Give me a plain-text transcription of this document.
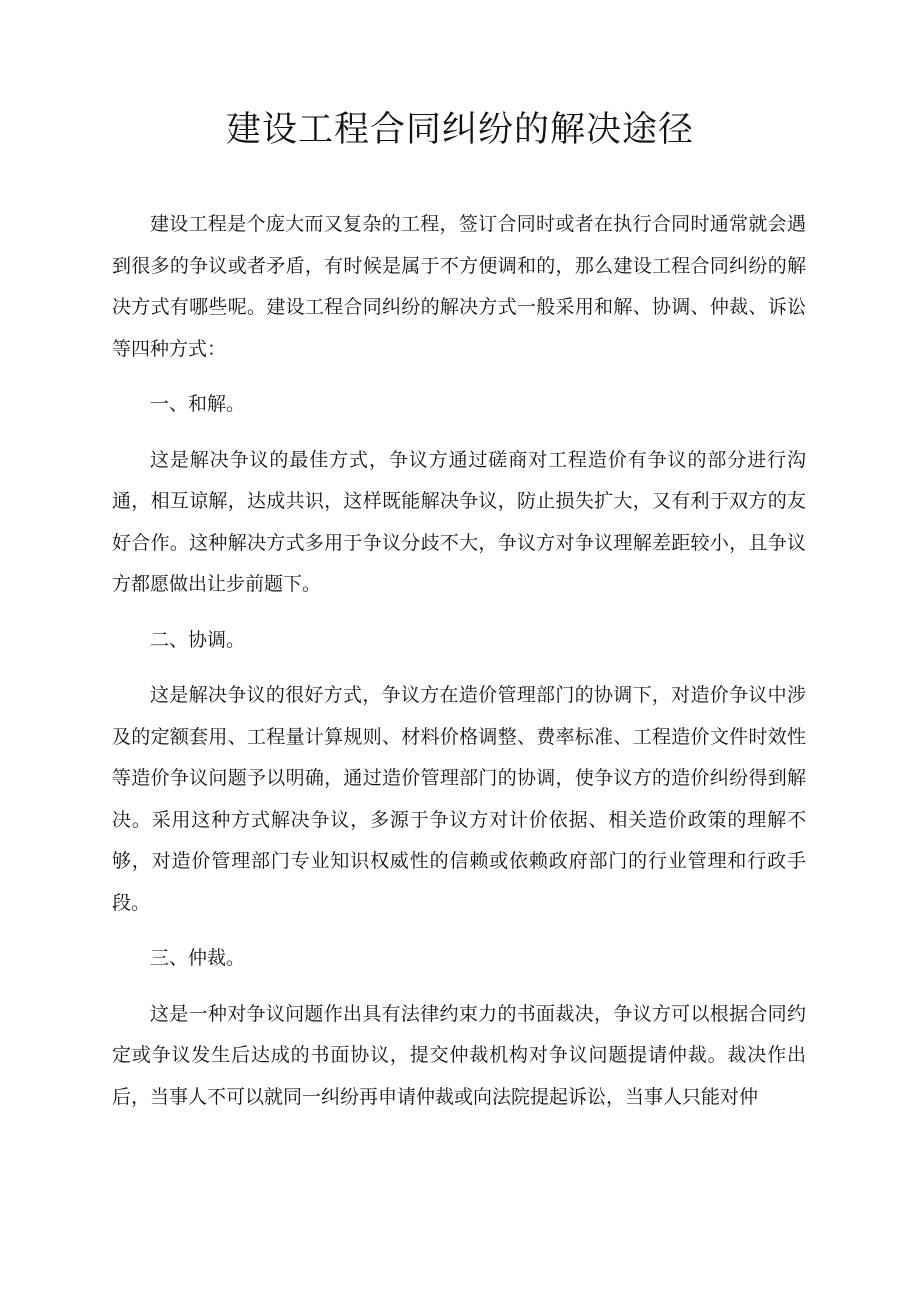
建设工程合同纠纷的解决途径

建设工程是个庞大而又复杂的工程，签订合同时或者在执行合同时通常就会遇到很多的争议或者矛盾，有时候是属于不方便调和的，那么建设工程合同纠纷的解决方式有哪些呢。建设工程合同纠纷的解决方式一般采用和解、协调、仲裁、诉讼等四种方式：

一、和解。

这是解决争议的最佳方式，争议方通过磋商对工程造价有争议的部分进行沟通，相互谅解，达成共识，这样既能解决争议，防止损失扩大，又有利于双方的友好合作。这种解决方式多用于争议分歧不大，争议方对争议理解差距较小，且争议方都愿做出让步前题下。

二、协调。

这是解决争议的很好方式，争议方在造价管理部门的协调下，对造价争议中涉及的定额套用、工程量计算规则、材料价格调整、费率标准、工程造价文件时效性等造价争议问题予以明确，通过造价管理部门的协调，使争议方的造价纠纷得到解决。采用这种方式解决争议，多源于争议方对计价依据、相关造价政策的理解不够，对造价管理部门专业知识权威性的信赖或依赖政府部门的行业管理和行政手段。

三、仲裁。

这是一种对争议问题作出具有法律约束力的书面裁决，争议方可以根据合同约定或争议发生后达成的书面协议，提交仲裁机构对争议问题提请仲裁。裁决作出后，当事人不可以就同一纠纷再申请仲裁或向法院提起诉讼，当事人只能对仲
